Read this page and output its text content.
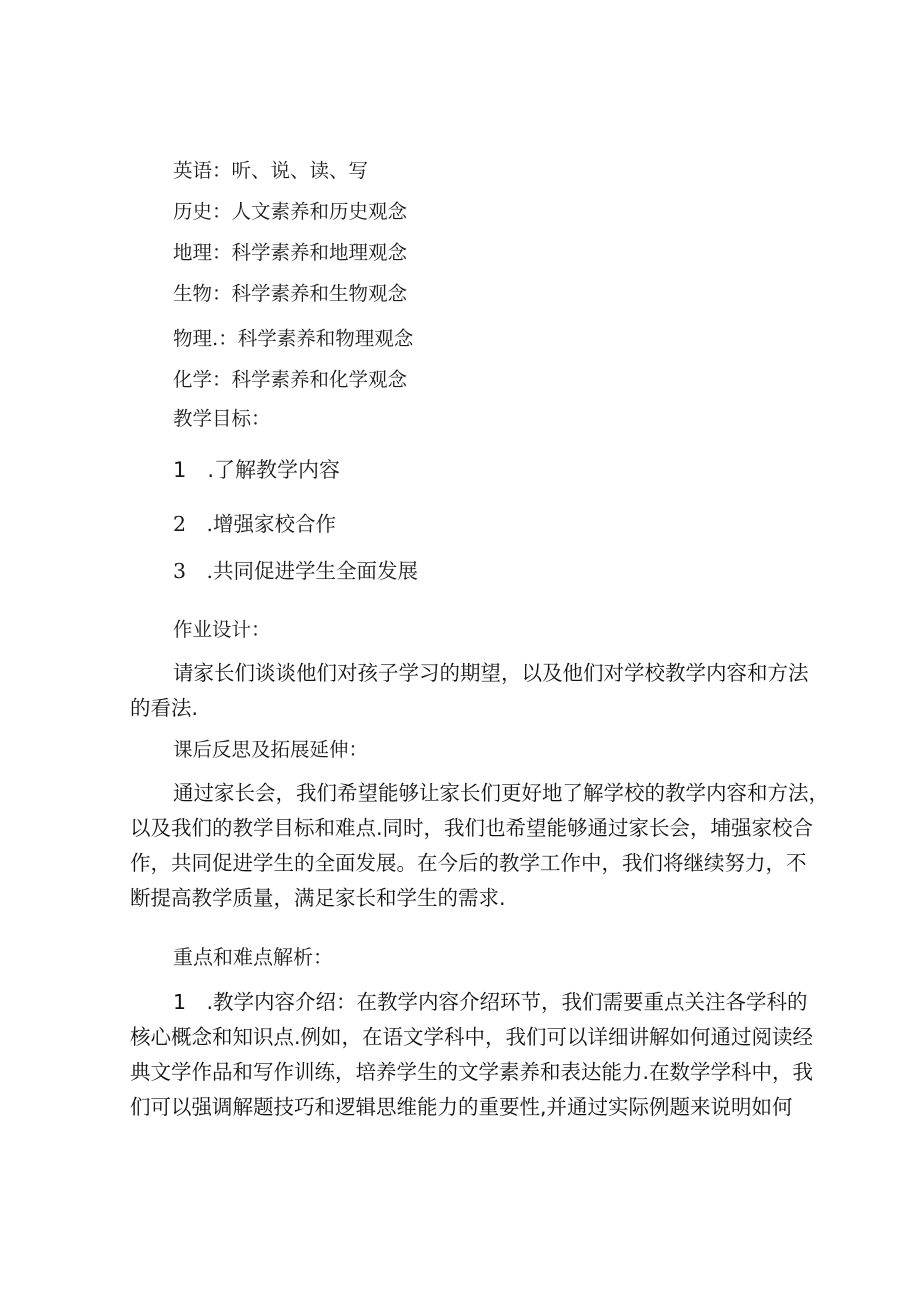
英语：听、说、读、写
历史：人文素养和历史观念
地理：科学素养和地理观念
生物：科学素养和生物观念
物理.：科学素养和物理观念
化学：科学素养和化学观念
教学目标：
1　.了解教学内容
2　.增强家校合作
3　.共同促进学生全面发展
作业设计：
请家长们谈谈他们对孩子学习的期望，以及他们对学校教学内容和方法
的看法.
课后反思及拓展延伸：
通过家长会，我们希望能够让家长们更好地了解学校的教学内容和方法，
以及我们的教学目标和难点.同时，我们也希望能够通过家长会，埔强家校合
作，共同促进学生的全面发展。在今后的教学工作中，我们将继续努力，不
断提高教学质量，满足家长和学生的需求.
重点和难点解析：
1　.教学内容介绍：在教学内容介绍环节，我们需要重点关注各学科的
核心概念和知识点.例如，在语文学科中，我们可以详细讲解如何通过阅读经
典文学作品和写作训练，培养学生的文学素养和表达能力.在数学学科中，我
们可以强调解题技巧和逻辑思维能力的重要性,并通过实际例题来说明如何
